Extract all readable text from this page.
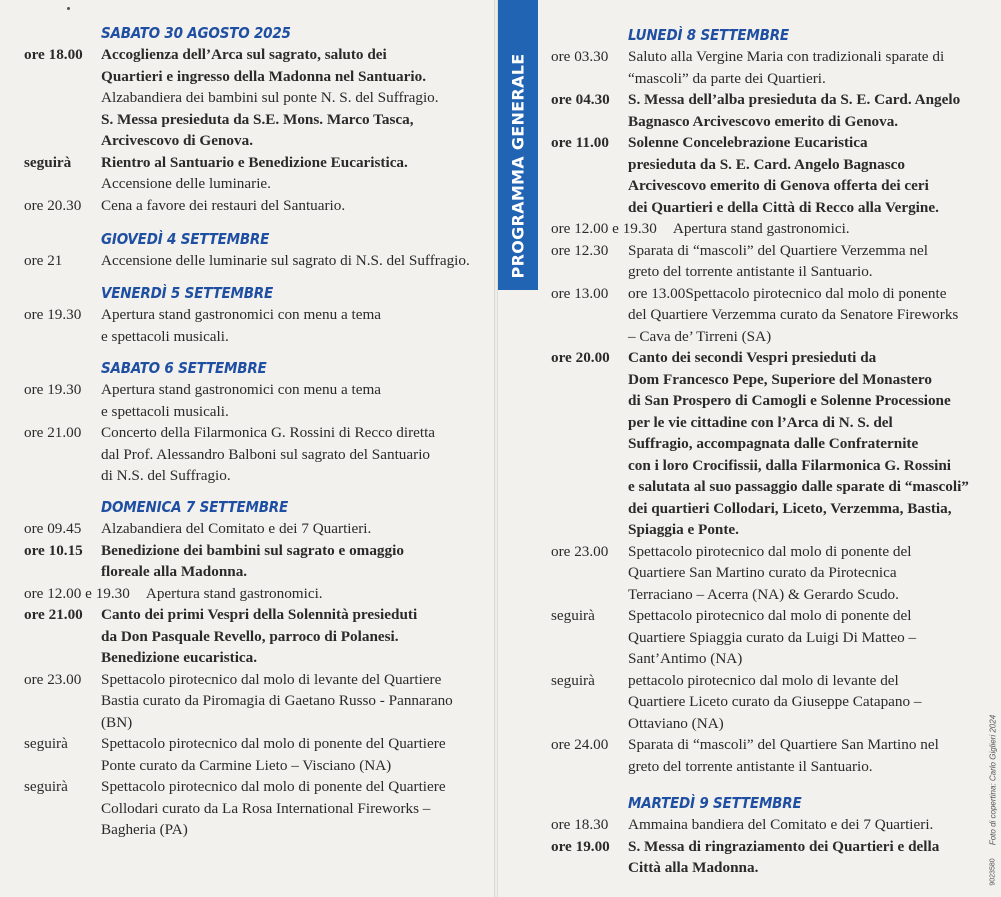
PROGRAMMA GENERALE
SABATO 30 AGOSTO 2025
ore 18.00	Accoglienza dell’Arca sul sagrato, saluto dei
Quartieri e ingresso della Madonna nel Santuario.
Alzabandiera dei bambini sul ponte N. S. del Suffragio.
S. Messa presieduta da S.E. Mons. Marco Tasca,
Arcivescovo di Genova.
seguirà	Rientro al Santuario e Benedizione Eucaristica.
Accensione delle luminarie.
ore 20.30	Cena a favore dei restauri del Santuario.
GIOVEDÌ 4 SETTEMBRE
ore 21	Accensione delle luminarie sul sagrato di N.S. del Suffragio.
VENERDÌ 5 SETTEMBRE
ore 19.30	Apertura stand gastronomici con menu a tema
e spettacoli musicali.
SABATO 6 SETTEMBRE
ore 19.30	Apertura stand gastronomici con menu a tema
e spettacoli musicali.
ore 21.00	Concerto della Filarmonica G. Rossini di Recco diretta
dal Prof. Alessandro Balboni sul sagrato del Santuario
di N.S. del Suffragio.
DOMENICA 7 SETTEMBRE
ore 09.45	Alzabandiera del Comitato e dei 7 Quartieri.
ore 10.15	Benedizione dei bambini sul sagrato e omaggio
floreale alla Madonna.
ore 12.00 e 19.30 Apertura stand gastronomici.
ore 21.00	Canto dei primi Vespri della Solennità presieduti
da Don Pasquale Revello, parroco di Polanesi.
Benedizione eucaristica.
ore 23.00	Spettacolo pirotecnico dal molo di levante del Quartiere
Bastia curato da Piromagia di Gaetano Russo - Pannarano
(BN)
seguirà	Spettacolo pirotecnico dal molo di ponente del Quartiere
Ponte curato da Carmine Lieto – Visciano (NA)
seguirà	Spettacolo pirotecnico dal molo di ponente del Quartiere
Collodari curato da La Rosa International Fireworks –
Bagheria (PA)
LUNEDÌ 8 SETTEMBRE
ore 03.30	Saluto alla Vergine Maria con tradizionali sparate di
“mascoli” da parte dei Quartieri.
ore 04.30	S. Messa dell’alba presieduta da S. E. Card. Angelo
Bagnasco Arcivescovo emerito di Genova.
ore 11.00	Solenne Concelebrazione Eucaristica
presieduta da S. E. Card. Angelo Bagnasco
Arcivescovo emerito di Genova offerta dei ceri
dei Quartieri e della Città di Recco alla Vergine.
ore 12.00 e 19.30 Apertura stand gastronomici.
ore 12.30	Sparata di “mascoli” del Quartiere Verzemma nel
greto del torrente antistante il Santuario.
ore 13.00	ore 13.00Spettacolo pirotecnico dal molo di ponente
del Quartiere Verzemma curato da Senatore Fireworks
– Cava de’ Tirreni (SA)
ore 20.00	Canto dei secondi Vespri presieduti da
Dom Francesco Pepe, Superiore del Monastero
di San Prospero di Camogli e Solenne Processione
per le vie cittadine con l’Arca di N. S. del
Suffragio, accompagnata dalle Confraternite
con i loro Crocifissii, dalla Filarmonica G. Rossini
e salutata al suo passaggio dalle sparate di “mascoli”
dei quartieri Collodari, Liceto, Verzemma, Bastia,
Spiaggia e Ponte.
ore 23.00	Spettacolo pirotecnico dal molo di ponente del
Quartiere San Martino curato da Pirotecnica
Terraciano – Acerra (NA) & Gerardo Scudo.
seguirà	Spettacolo pirotecnico dal molo di ponente del
Quartiere Spiaggia curato da Luigi Di Matteo –
Sant’Antimo (NA)
seguirà	pettacolo pirotecnico dal molo di levante del
Quartiere Liceto curato da Giuseppe Catapano –
Ottaviano (NA)
ore 24.00	Sparata di “mascoli” del Quartiere San Martino nel
greto del torrente antistante il Santuario.
MARTEDÌ 9 SETTEMBRE
ore 18.30	Ammaina bandiera del Comitato e dei 7 Quartieri.
ore 19.00	S. Messa di ringraziamento dei Quartieri e della
Città alla Madonna.
Foto di copertina: Carlo Giglieri 2024
9023580
